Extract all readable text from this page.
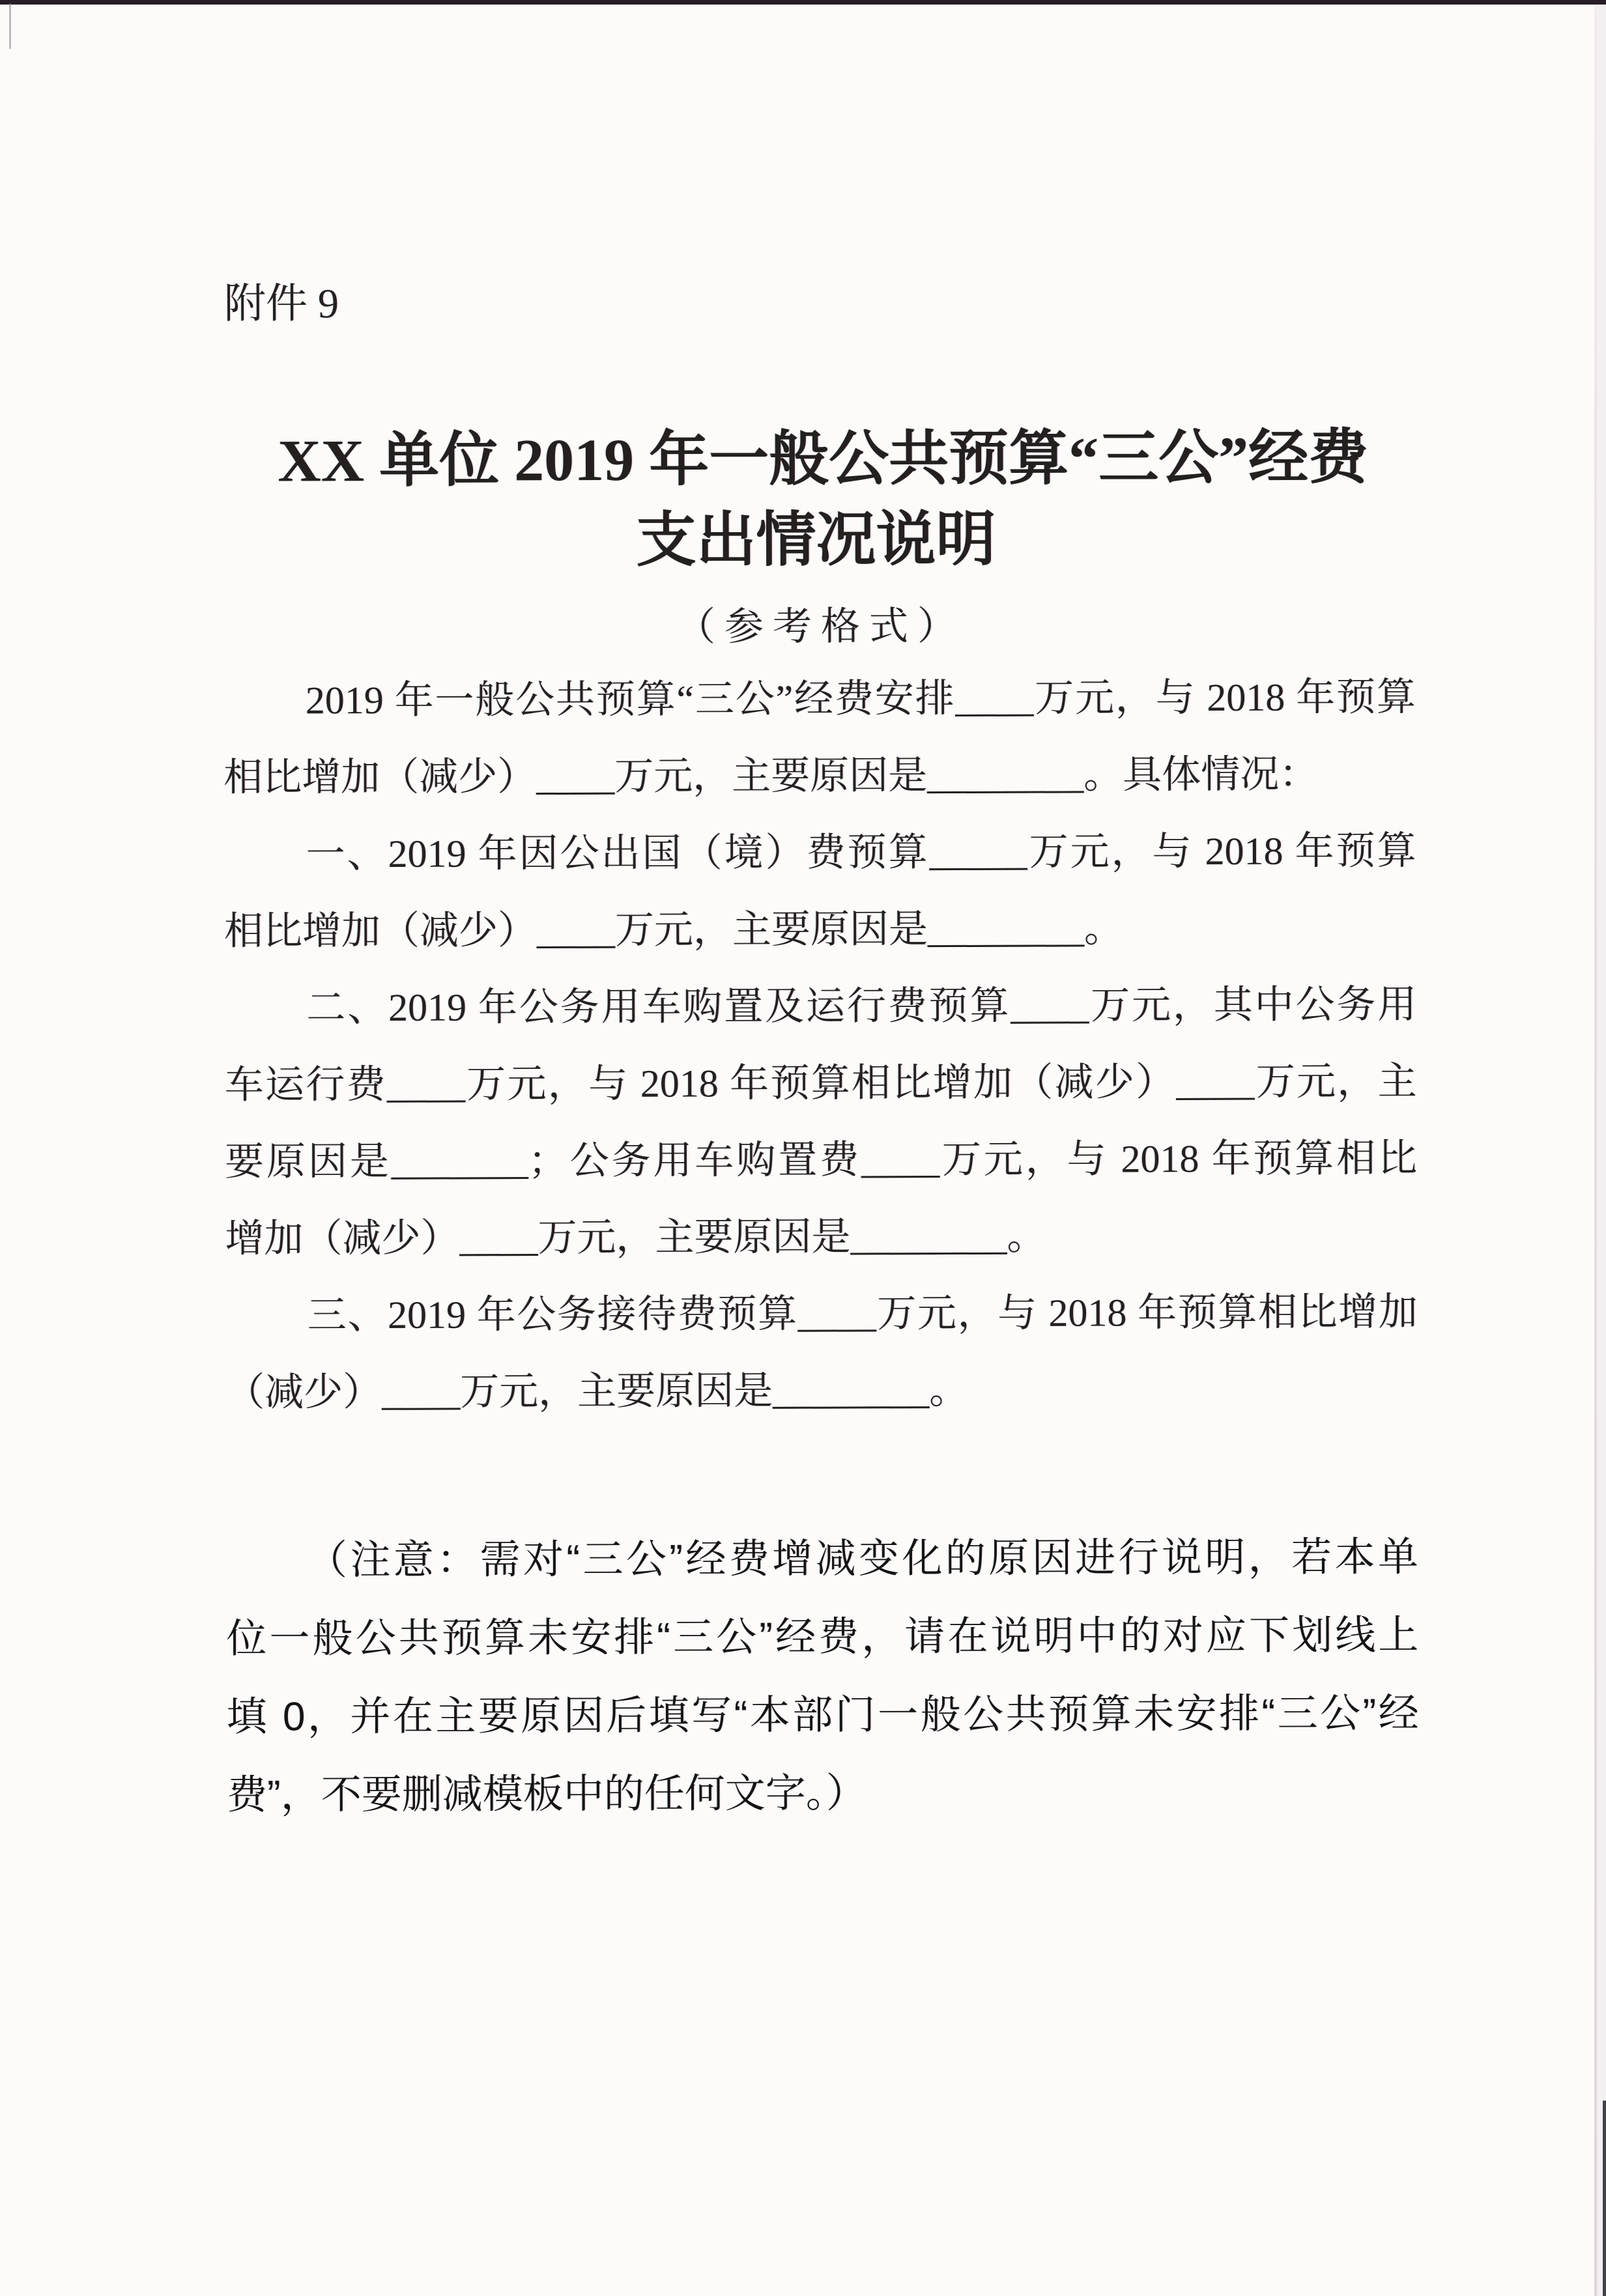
附件 9
XX 单位 2019 年一般公共预算“三公”经费
支出情况说明
（参考格式）
2019 年一般公共预算“三公”经费安排____万元，与 2018 年预算
相比增加（减少）____万元，主要原因是________。具体情况：
一、2019 年因公出国（境）费预算_____万元，与 2018 年预算
相比增加（减少）____万元，主要原因是________。
二、2019 年公务用车购置及运行费预算____万元，其中公务用
车运行费____万元，与 2018 年预算相比增加（减少）____万元，主
要原因是_______；公务用车购置费____万元，与 2018 年预算相比
增加（减少）____万元，主要原因是________。
三、2019 年公务接待费预算____万元，与 2018 年预算相比增加
（减少）____万元，主要原因是________。
（注意：需对“三公”经费增减变化的原因进行说明，若本单
位一般公共预算未安排“三公”经费，请在说明中的对应下划线上
填 0，并在主要原因后填写“本部门一般公共预算未安排“三公”经
费”，不要删减模板中的任何文字。）
